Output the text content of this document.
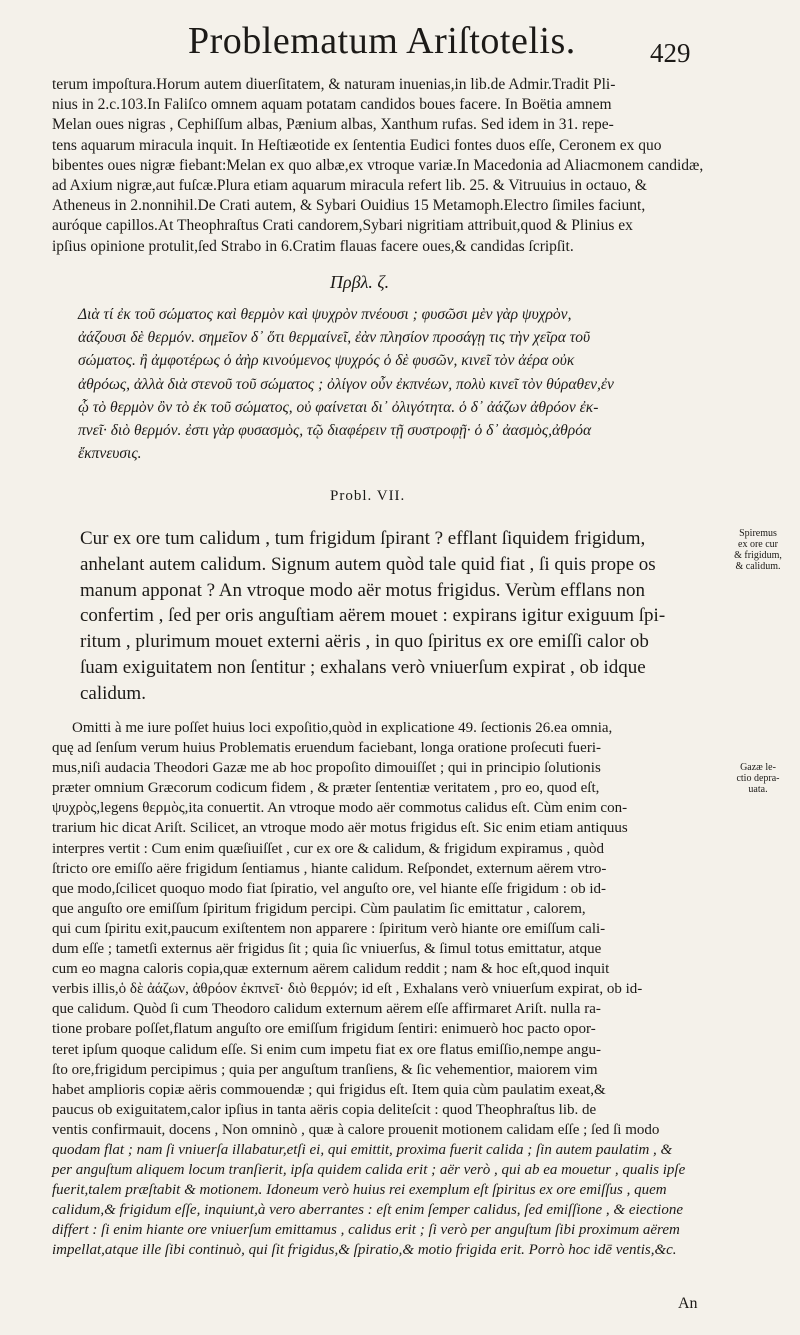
Problematum Ariſtotelis.	429
terum impoſtura.Horum autem diuerſitatem, & naturam inuenias,in lib.de Admir.Tradit Pli-
nius in 2.c.103.In Faliſco omnem aquam potatam candidos boues facere. In Boëtia amnem
Melan oues nigras , Cephiſſum albas, Pænium albas, Xanthum rufas. Sed idem in 31. repe-
tens aquarum miracula inquit. In Heſtiæotide ex ſententia Eudici fontes duos eſſe, Ceronem ex quo
bibentes oues nigræ fiebant:Melan ex quo albæ,ex vtroque variæ.In Macedonia ad Aliacmonem candidæ,
ad Axium nigræ,aut fuſcæ.Plura etiam aquarum miracula refert lib. 25. & Vitruuius in octauo, &
Atheneus in 2.nonnihil.De Crati autem, & Sybari Ouidius 15 Metamoph.Electro ſimiles faciunt,
auróque capillos.At Theophraſtus Crati candorem,Sybari nigritiam attribuit,quod & Plinius ex
ipſius opinione protulit,ſed Strabo in 6.Cratim flauas facere oues,& candidas ſcripſit.
Πρβλ. ζ.
Διὰ τί ἐκ τοῦ σώματος καὶ θερμὸν καὶ ψυχρὸν πνέουσι ; φυσῶσι μὲν γὰρ ψυχρὸν,
ἀάζουσι δὲ θερμόν. σημεῖον δ᾽ ὅτι θερμαίνεῖ, ἐὰν πλησίον προσάγῃ τις τὴν χεῖρα τοῦ
σώματος. ἢ ἀμφοτέρως ὁ ἀὴρ κινούμενος ψυχρός ὁ δὲ φυσῶν, κινεῖ τὸν ἀέρα οὐκ
ἀθρόως, ἀλλὰ διὰ στενοῦ τοῦ σώματος ; ὀλίγον οὖν ἐκπνέων, πολὺ κινεῖ τὸν θύραθεν,ἐν
ᾧ τὸ θερμὸν ὂν τὸ ἐκ τοῦ σώματος, οὐ φαίνεται δι᾽ ὀλιγότητα. ὁ δ᾽ ἀάζων ἀθρόον ἐκ-
πνεῖ· διὸ θερμόν. ἐστι γὰρ φυσασμὸς, τῷ διαφέρειν τῇ συστροφῇ· ὁ δ᾽ ἀασμὸς,ἀθρόα
ἔκπνευσις.
Probl. VII.
Cur ex ore tum calidum , tum frigidum ſpirant ? efflant ſiquidem frigidum,
anhelant autem calidum. Signum autem quòd tale quid fiat , ſi quis prope os
manum apponat ? An vtroque modo aër motus frigidus. Verùm efflans non
confertim , ſed per oris anguſtiam aërem mouet : expirans igitur exiguum ſpi-
ritum , plurimum mouet externi aëris , in quo ſpiritus ex ore emiſſi calor ob
ſuam exiguitatem non ſentitur ; exhalans verò vniuerſum expirat , ob idque
calidum.
Spiremus
ex ore cur
& frigidum,
& calidum.
Omitti à me iure poſſet huius loci expoſitio,quòd in explicatione 49. ſectionis 26.ea omnia,
quę ad ſenſum verum huius Problematis eruendum faciebant, longa oratione proſecuti fueri-
mus,niſi audacia Theodori Gazæ me ab hoc propoſito dimouiſſet ; qui in principio ſolutionis
præter omnium Græcorum codicum fidem , & præter ſententiæ veritatem , pro eo, quod eſt,
ψυχρὸς,legens θερμὸς,ita conuertit. An vtroque modo aër commotus calidus eſt. Cùm enim con-
trarium hic dicat Ariſt. Scilicet, an vtroque modo aër motus frigidus eſt. Sic enim etiam antiquus
interpres vertit : Cum enim quæſiuiſſet , cur ex ore & calidum, & frigidum expiramus , quòd
ſtricto ore emiſſo aëre frigidum ſentiamus , hiante calidum. Reſpondet, externum aërem vtro-
que modo,ſcilicet quoquo modo fiat ſpiratio, vel anguſto ore, vel hiante eſſe frigidum : ob id-
que anguſto ore emiſſum ſpiritum frigidum percipi. Cùm paulatim ſic emittatur , calorem,
qui cum ſpiritu exit,paucum exiſtentem non apparere : ſpiritum verò hiante ore emiſſum cali-
dum eſſe ; tametſi externus aër frigidus ſit ; quia ſic vniuerſus, & ſimul totus emittatur, atque
cum eo magna caloris copia,quæ externum aërem calidum reddit ; nam & hoc eſt,quod inquit
verbis illis,ὁ δὲ ἀάζων, ἀθρόον ἐκπνεῖ· διὸ θερμόν; id eſt , Exhalans verò vniuerſum expirat, ob id-
que calidum. Quòd ſi cum Theodoro calidum externum aërem eſſe affirmaret Ariſt. nulla ra-
tione probare poſſet,flatum anguſto ore emiſſum frigidum ſentiri: enimuerò hoc pacto opor-
teret ipſum quoque calidum eſſe. Si enim cum impetu fiat ex ore flatus emiſſio,nempe angu-
ſto ore,frigidum percipimus ; quia per anguſtum tranſiens, & ſic vehementior, maiorem vim
habet amplioris copiæ aëris commouendæ ; qui frigidus eſt. Item quia cùm paulatim exeat,&
paucus ob exiguitatem,calor ipſius in tanta aëris copia deliteſcit : quod Theophraſtus lib. de
ventis confirmauit, docens , Non omninò , quæ à calore prouenit motionem calidam eſſe ; ſed ſi modo
quodam flat ; nam ſi vniuerſa illabatur,etſi ei, qui emittit, proxima fuerit calida ; ſin autem paulatim , &
per anguſtum aliquem locum tranſierit, ipſa quidem calida erit ; aër verò , qui ab ea mouetur , qualis ipſe
fuerit,talem præſtabit & motionem. Idoneum verò huius rei exemplum eſt ſpiritus ex ore emiſſus , quem
calidum,& frigidum eſſe, inquiunt,à vero aberrantes : eſt enim ſemper calidus, ſed emiſſione , & eiectione
differt : ſi enim hiante ore vniuerſum emittamus , calidus erit ; ſi verò per anguſtum ſibi proximum aërem
impellat,atque ille ſibi continuò, qui ſit frigidus,& ſpiratio,& motio frigida erit. Porrò hoc idē ventis,&c.
Gazæ le-
ctio depra-
uata.
An
